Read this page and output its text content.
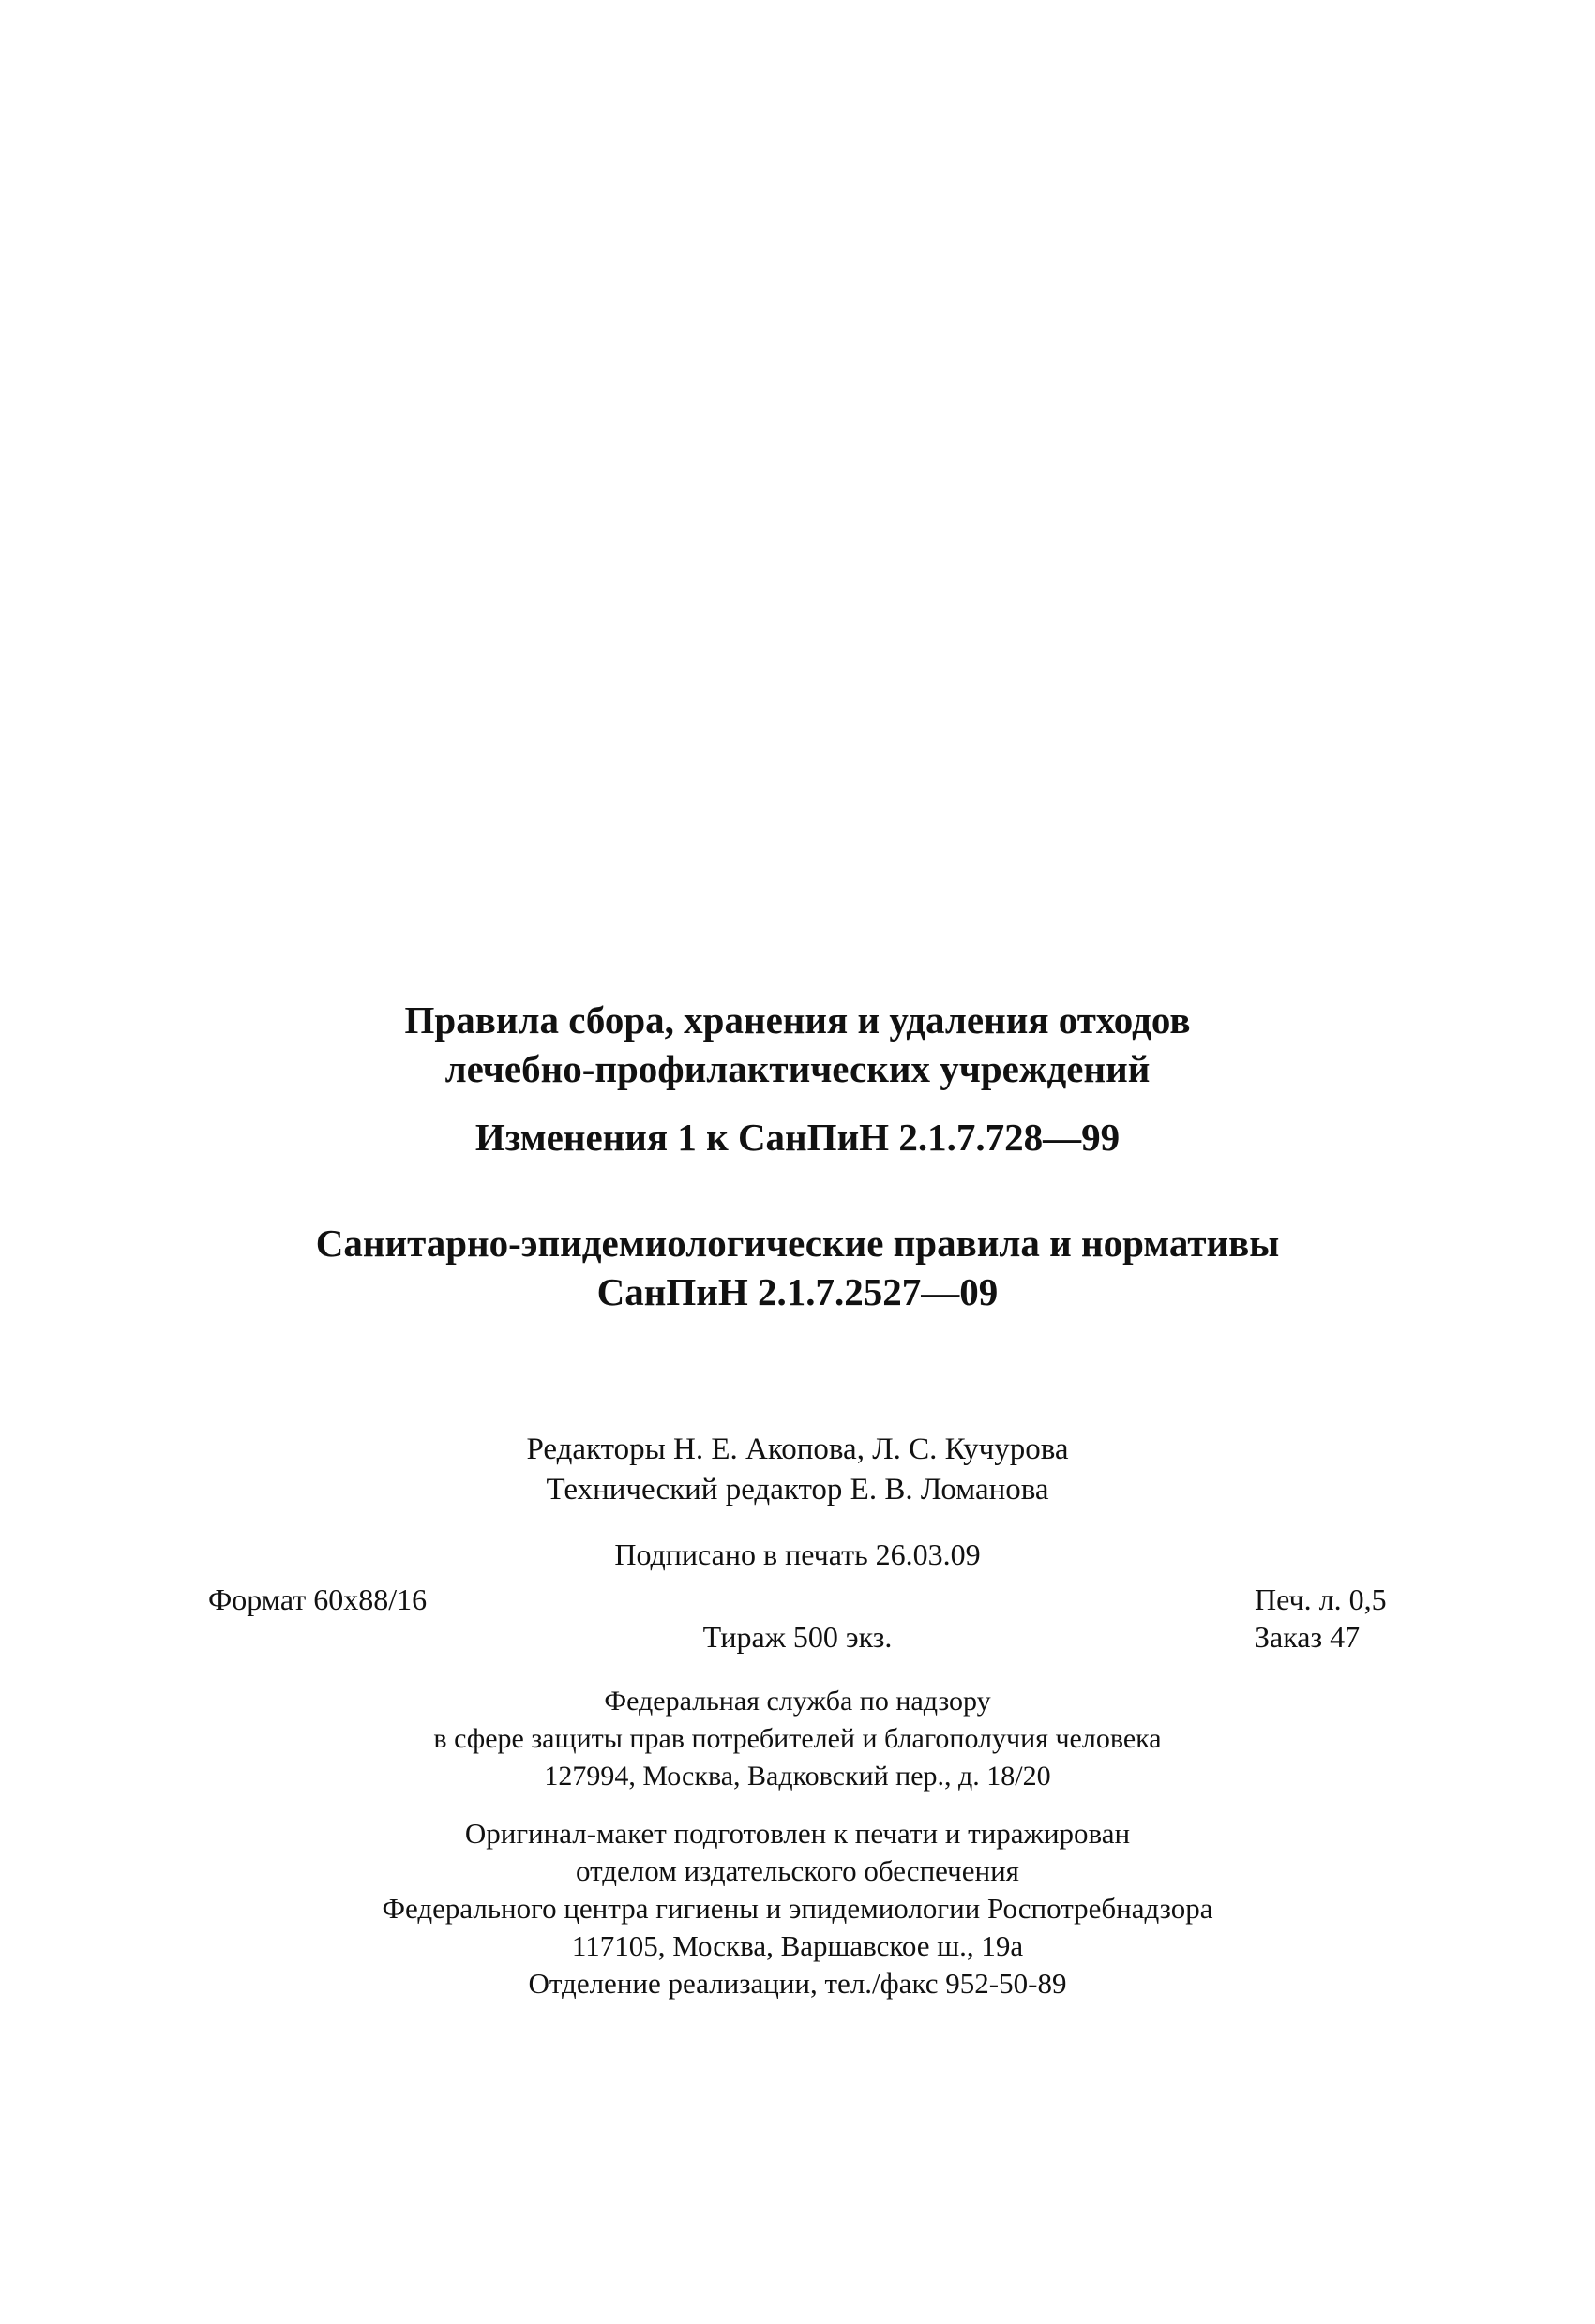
Правила сбора, хранения и удаления отходов
лечебно-профилактических учреждений
Изменения 1 к СанПиН 2.1.7.728—99
Санитарно-эпидемиологические правила и нормативы
СанПиН 2.1.7.2527—09
Редакторы Н. Е. Акопова, Л. С. Кучурова
Технический редактор Е. В. Ломанова
Подписано в печать 26.03.09
Формат 60x88/16	Печ. л. 0,5
Тираж 500 экз.	Заказ 47
Федеральная служба по надзору
в сфере защиты прав потребителей и благополучия человека
127994, Москва, Вадковский пер., д. 18/20
Оригинал-макет подготовлен к печати и тиражирован
отделом издательского обеспечения
Федерального центра гигиены и эпидемиологии Роспотребнадзора
117105, Москва, Варшавское ш., 19а
Отделение реализации, тел./факс 952-50-89
